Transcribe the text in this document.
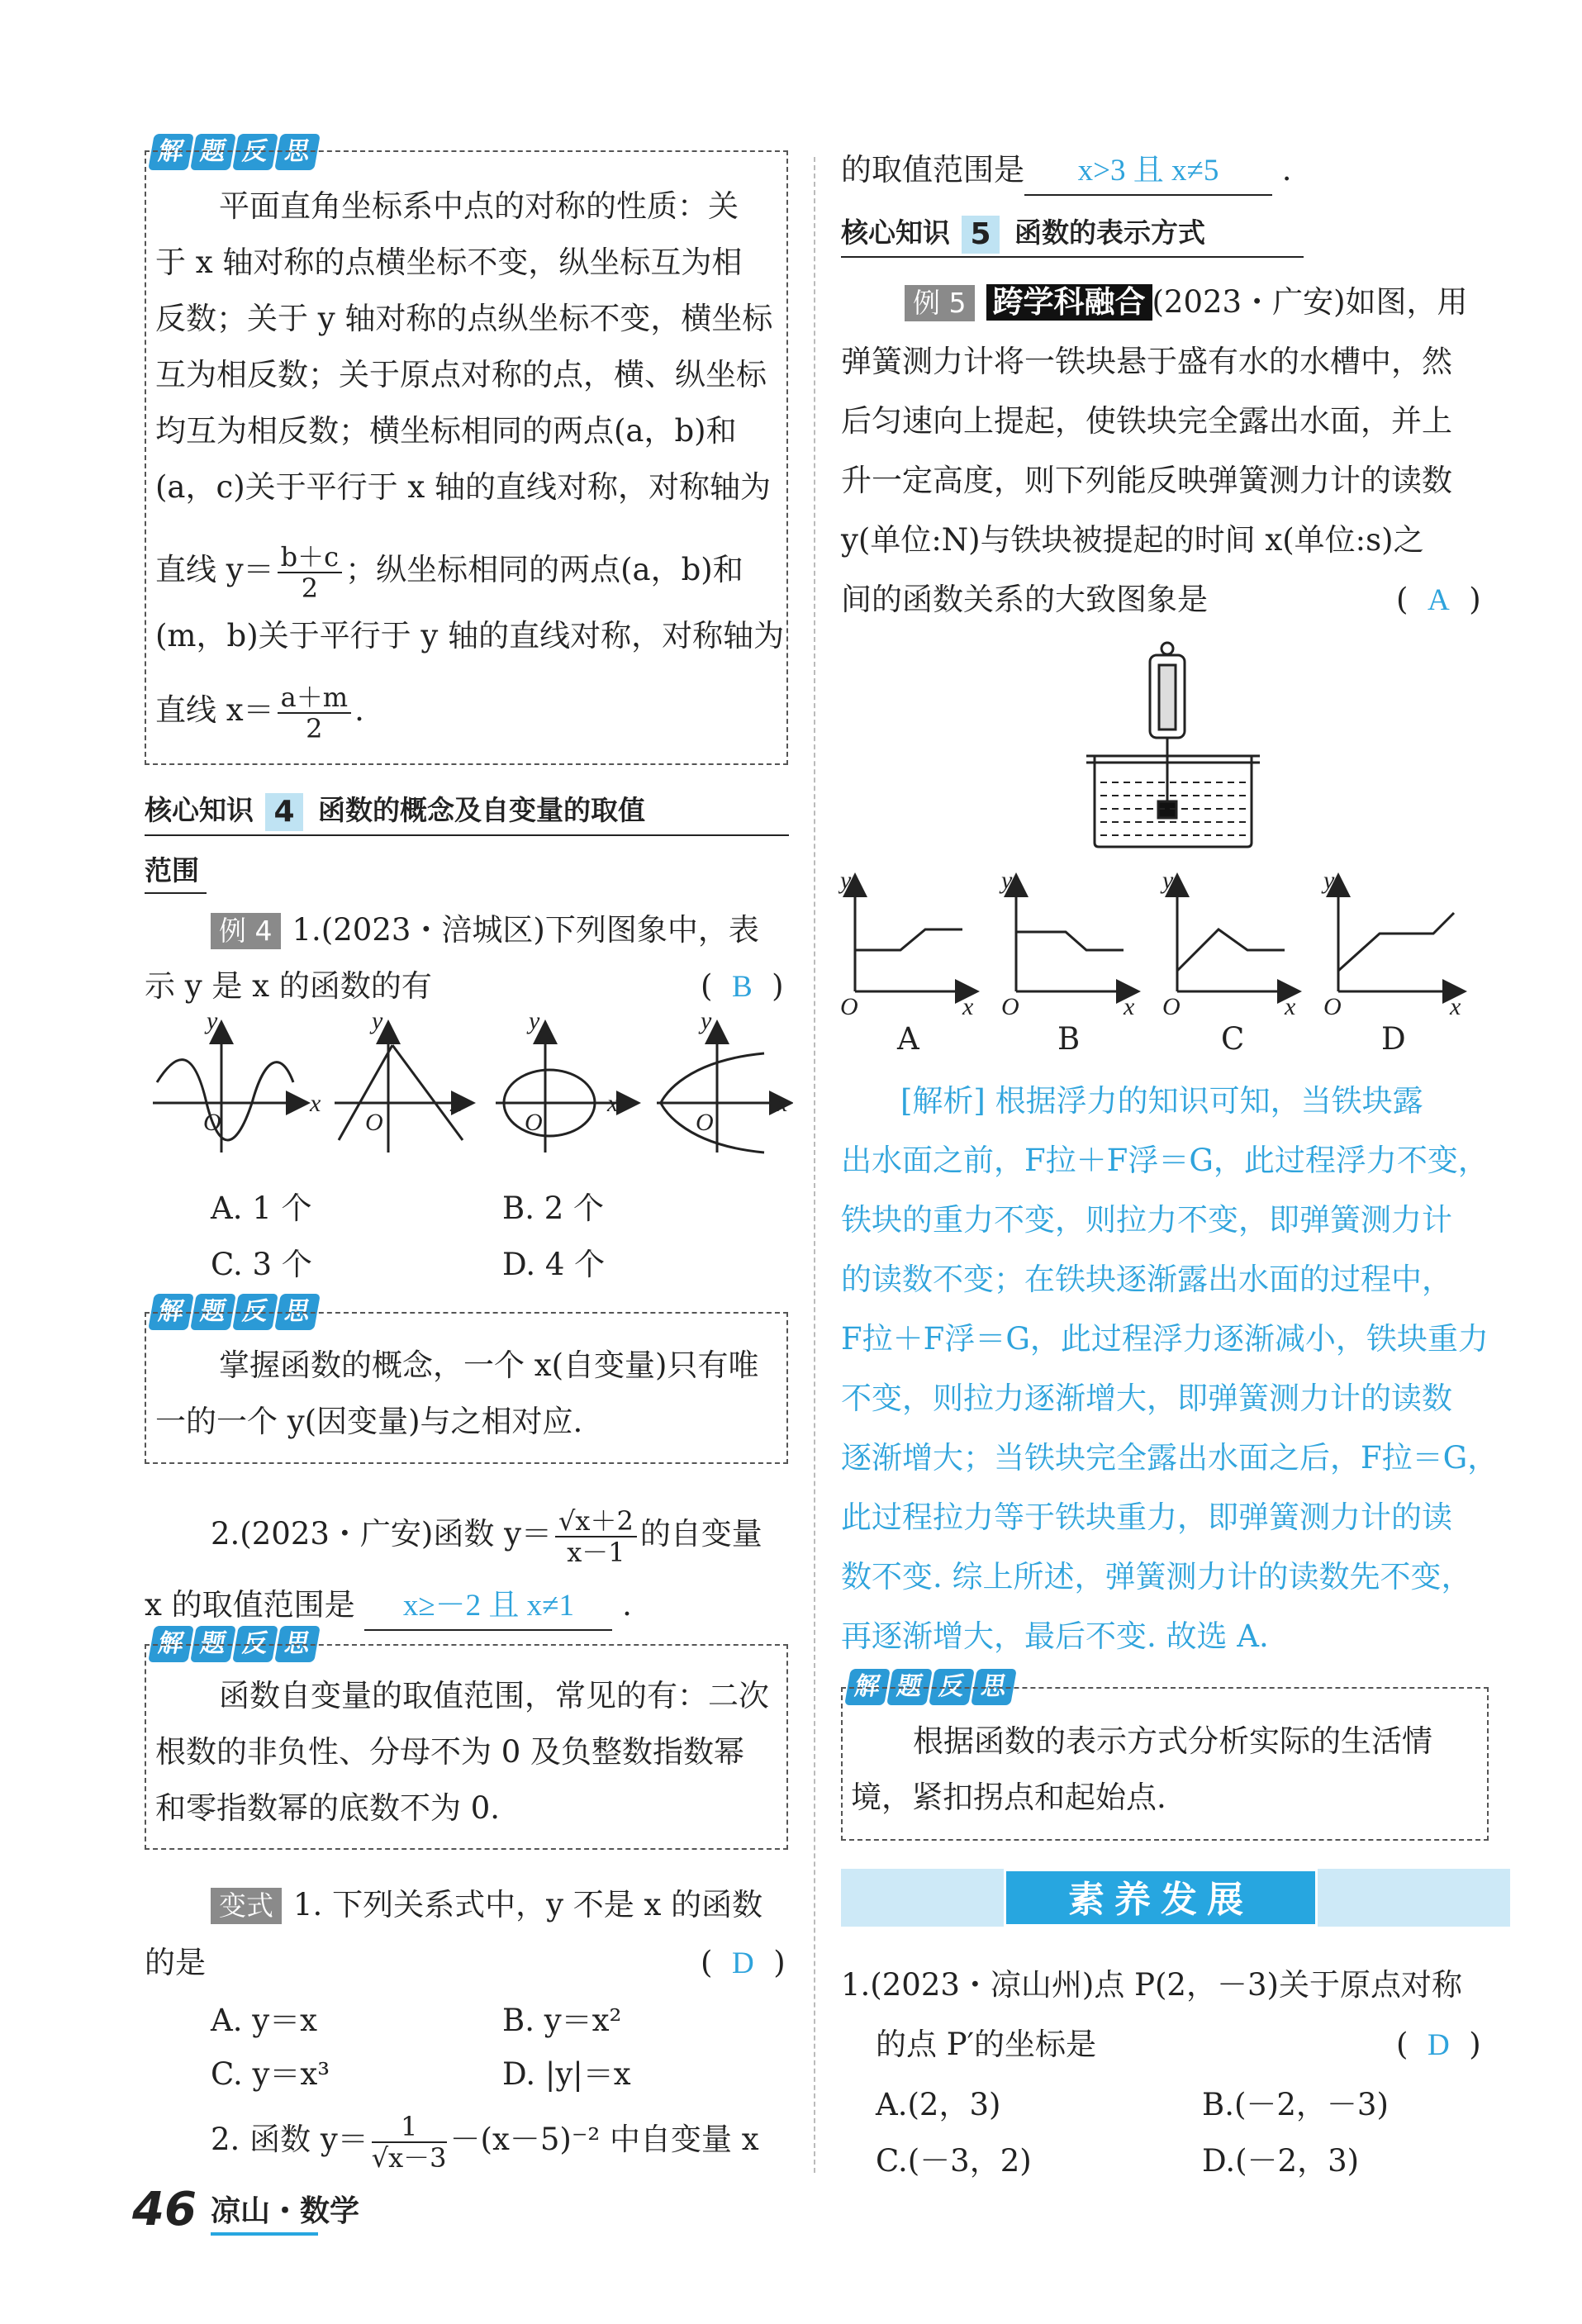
解 题 反 思
平面直角坐标系中点的对称的性质：关
于 x 轴对称的点横坐标不变，纵坐标互为相
反数；关于 y 轴对称的点纵坐标不变，横坐标
互为相反数；关于原点对称的点，横、纵坐标
均互为相反数；横坐标相同的两点(a，b)和
(a，c)关于平行于 x 轴的直线对称，对称轴为
直线 $y= \frac{b+c}{2}$ ；纵坐标相同的两点(a，b)和
(m，b)关于平行于 y 轴的直线对称，对称轴为
直线 $x= \frac{a+m}{2}$ .
核心知识 4 函数的概念及自变量的取值
范围
例 4 1.(2023・涪城区)下列图象中，表
示 y 是 x 的函数的有	(  B  )
y
x
O
y
x
O
y
x
O
y
x
O
A. 1 个	B. 2 个
C. 3 个	D. 4 个
解 题 反 思
掌握函数的概念，一个 x(自变量)只有唯
一的一个 y(因变量)与之相对应.
2.(2023・广安)函数 $y= \frac{√x+2}{x-1}$ 的自变量
x 的取值范围是 x≥－2 且 x≠1 .
解 题 反 思
函数自变量的取值范围，常见的有：二次
根数的非负性、分母不为 0 及负整数指数幂
和零指数幂的底数不为 0.
变式 1. 下列关系式中，y 不是 x 的函数
的是	(  D  )
A. y＝x	B. y＝x²
C. y＝x³	D. |y|＝x
2. 函数 $y= \frac{1}{√x-3} -(x-5)^{-2}$ 中自变量 x
的取值范围是 x>3 且 x≠5 .
核心知识 5 函数的表示方式
例 5 跨学科融合 (2023・广安)如图，用
弹簧测力计将一铁块悬于盛有水的水槽中，然
后匀速向上提起，使铁块完全露出水面，并上
升一定高度，则下列能反映弹簧测力计的读数
y(单位:N)与铁块被提起的时间 x(单位:s)之
间的函数关系的大致图象是	(  A  )
y
x
O
y
x
O
y
x
O
y
x
O
A	B	C	D
[解析] 根据浮力的知识可知，当铁块露
出水面之前，F拉＋F浮＝G，此过程浮力不变，
铁块的重力不变，则拉力不变，即弹簧测力计
的读数不变；在铁块逐渐露出水面的过程中，
F拉＋F浮＝G，此过程浮力逐渐减小，铁块重力
不变，则拉力逐渐增大，即弹簧测力计的读数
逐渐增大；当铁块完全露出水面之后，F拉＝G，
此过程拉力等于铁块重力，即弹簧测力计的读
数不变. 综上所述，弹簧测力计的读数先不变，
再逐渐增大，最后不变. 故选 A.
解 题 反 思
根据函数的表示方式分析实际的生活情
境，紧扣拐点和起始点.
素养发展
1.(2023・凉山州)点 P(2，－3)关于原点对称
的点 P′的坐标是	(  D  )
A.(2，3)	B.(－2，－3)
C.(－3，2)	D.(－2，3)
46 凉山・数学
